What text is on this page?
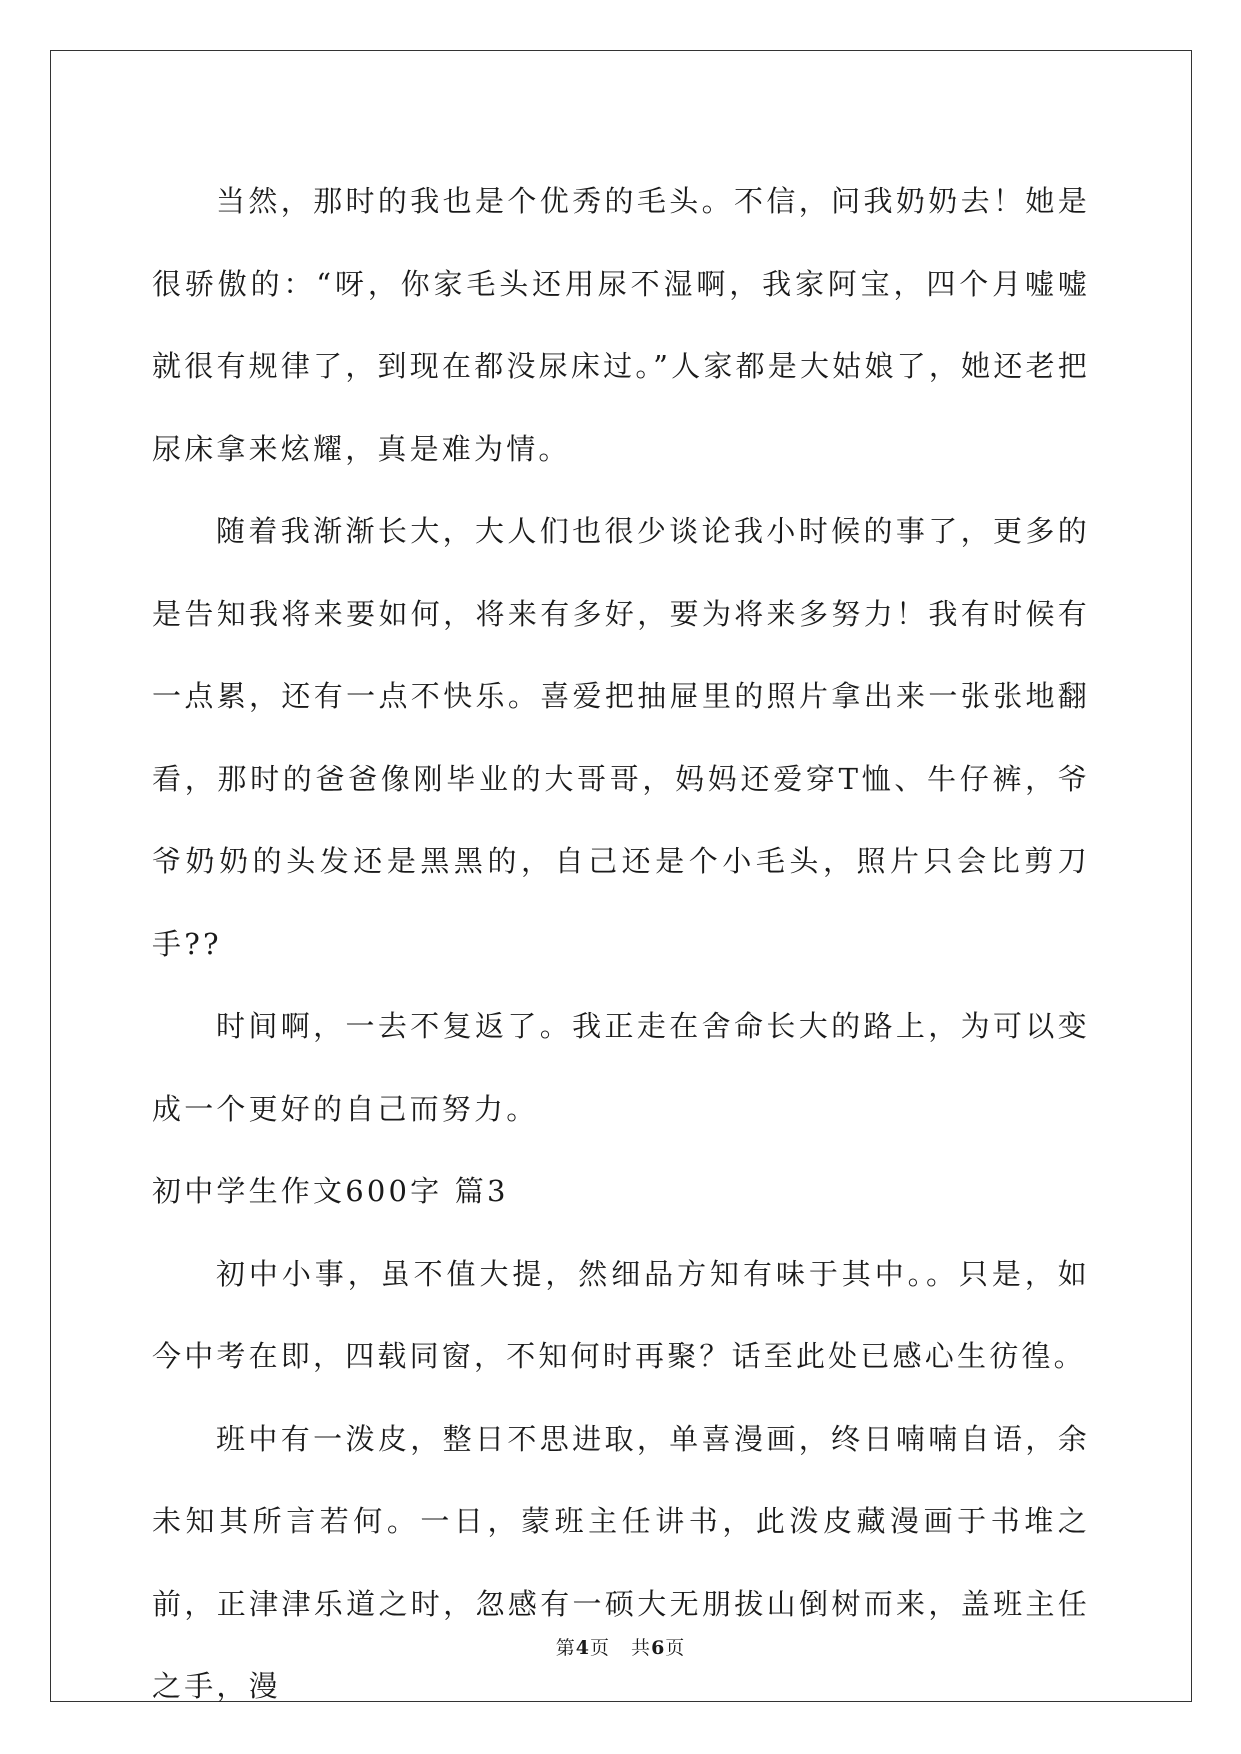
当然，那时的我也是个优秀的毛头。不信，问我奶奶去！她是很骄傲的：“呀，你家毛头还用尿不湿啊，我家阿宝，四个月嘘嘘就很有规律了，到现在都没尿床过。”人家都是大姑娘了，她还老把尿床拿来炫耀，真是难为情。

随着我渐渐长大，大人们也很少谈论我小时候的事了，更多的是告知我将来要如何，将来有多好，要为将来多努力！我有时候有一点累，还有一点不快乐。喜爱把抽屉里的照片拿出来一张张地翻看，那时的爸爸像刚毕业的大哥哥，妈妈还爱穿T恤、牛仔裤，爷爷奶奶的头发还是黑黑的，自己还是个小毛头，照片只会比剪刀手??

时间啊，一去不复返了。我正走在舍命长大的路上，为可以变成一个更好的自己而努力。

初中学生作文600字 篇3

初中小事，虽不值大提，然细品方知有味于其中。。只是，如今中考在即，四载同窗，不知何时再聚？话至此处已感心生彷徨。

班中有一泼皮，整日不思进取，单喜漫画，终日喃喃自语，余未知其所言若何。一日，蒙班主任讲书，此泼皮藏漫画于书堆之前，正津津乐道之时，忽感有一硕大无朋拔山倒树而来，盖班主任之手，漫

第4页   共6页
